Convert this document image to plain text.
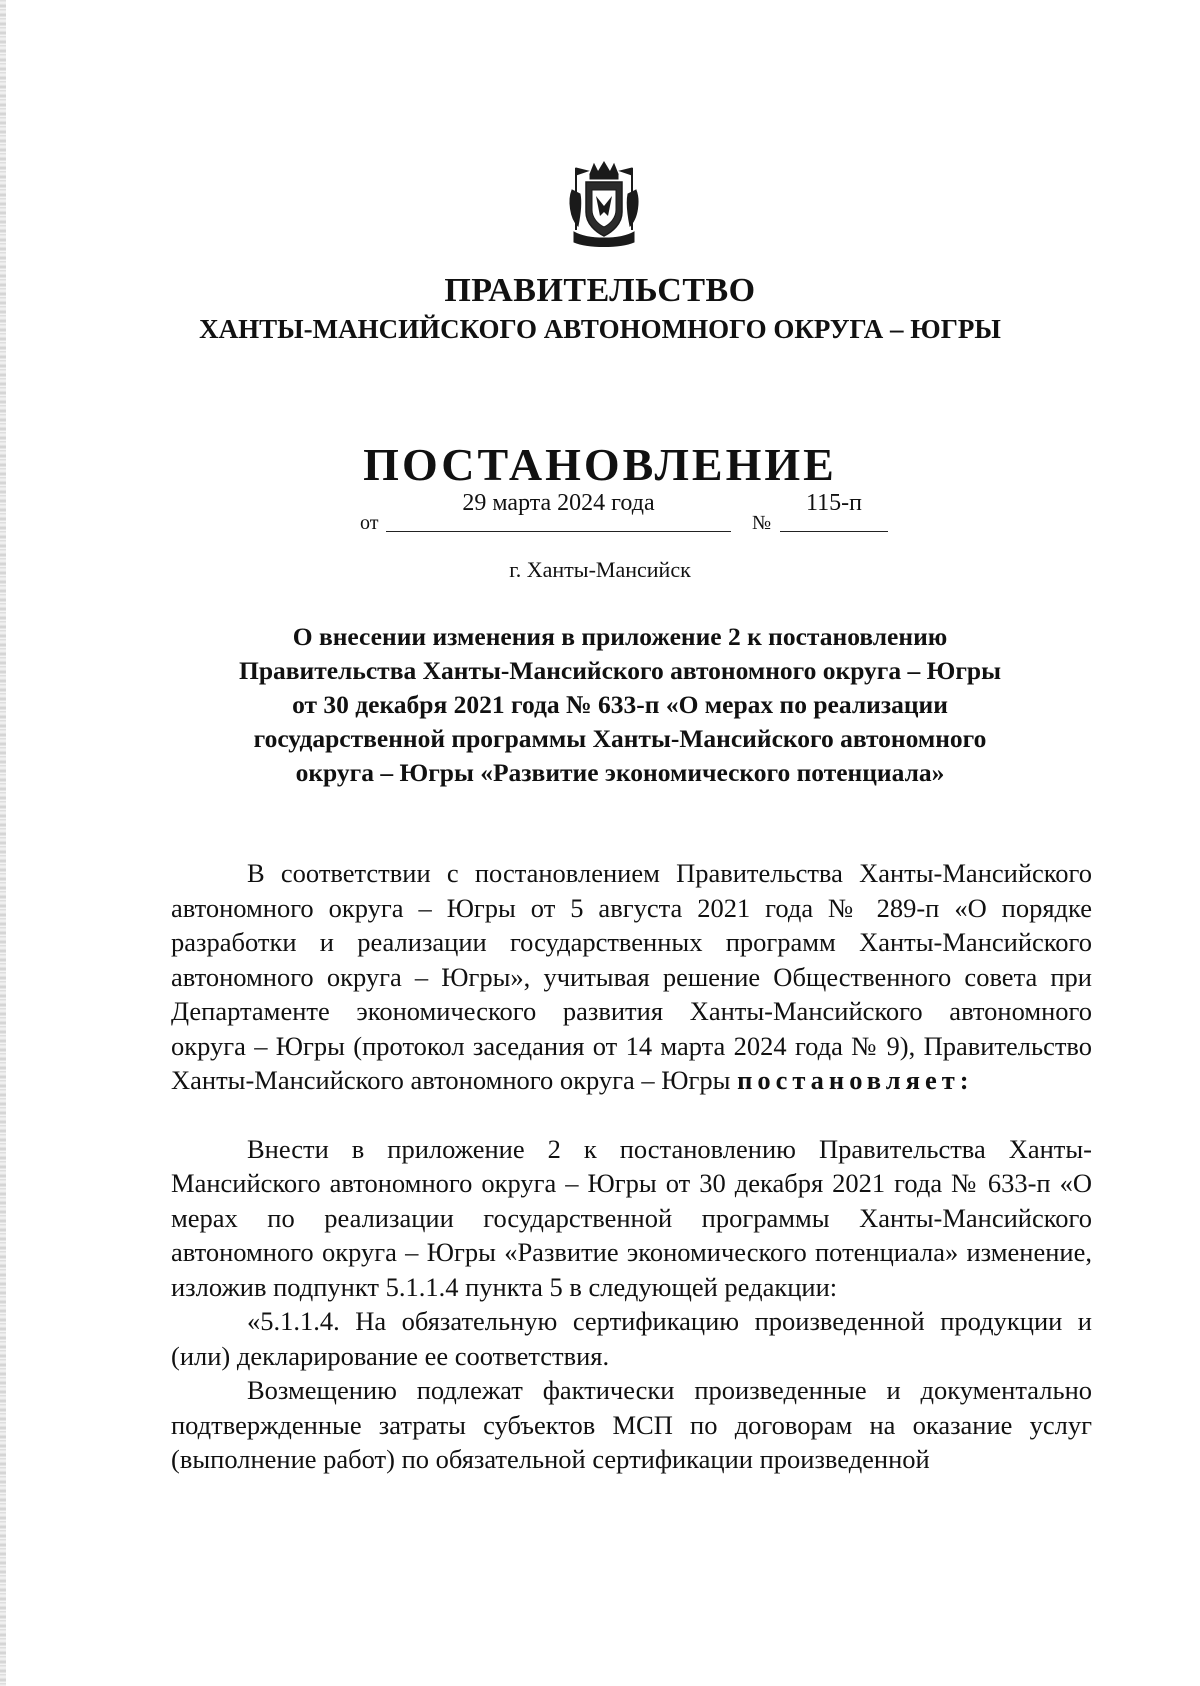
ПРАВИТЕЛЬСТВО
ХАНТЫ-МАНСИЙСКОГО АВТОНОМНОГО ОКРУГА – ЮГРЫ
ПОСТАНОВЛЕНИЕ
от
29 марта 2024 года
№
115-п
г. Ханты-Мансийск
О внесении изменения в приложение 2 к постановлению
Правительства Ханты-Мансийского автономного округа – Югры
от 30 декабря 2021 года № 633-п «О мерах по реализации
государственной программы Ханты-Мансийского автономного
округа – Югры «Развитие экономического потенциала»

В соответствии с постановлением Правительства Ханты-Мансийского автономного округа – Югры от 5 августа 2021 года № 289-п «О порядке разработки и реализации государственных программ Ханты-Мансийского автономного округа – Югры», учитывая решение Общественного совета при Департаменте экономического развития Ханты-Мансийского автономного округа – Югры (протокол заседания от 14 марта 2024 года № 9), Правительство Ханты-Мансийского автономного округа – Югры постановляет:

Внести в приложение 2 к постановлению Правительства Ханты-Мансийского автономного округа – Югры от 30 декабря 2021 года № 633-п «О мерах по реализации государственной программы Ханты-Мансийского автономного округа – Югры «Развитие экономического потенциала» изменение, изложив подпункт 5.1.1.4 пункта 5 в следующей редакции:

«5.1.1.4. На обязательную сертификацию произведенной продукции и (или) декларирование ее соответствия.

Возмещению подлежат фактически произведенные и документально подтвержденные затраты субъектов МСП по договорам на оказание услуг (выполнение работ) по обязательной сертификации произведенной
